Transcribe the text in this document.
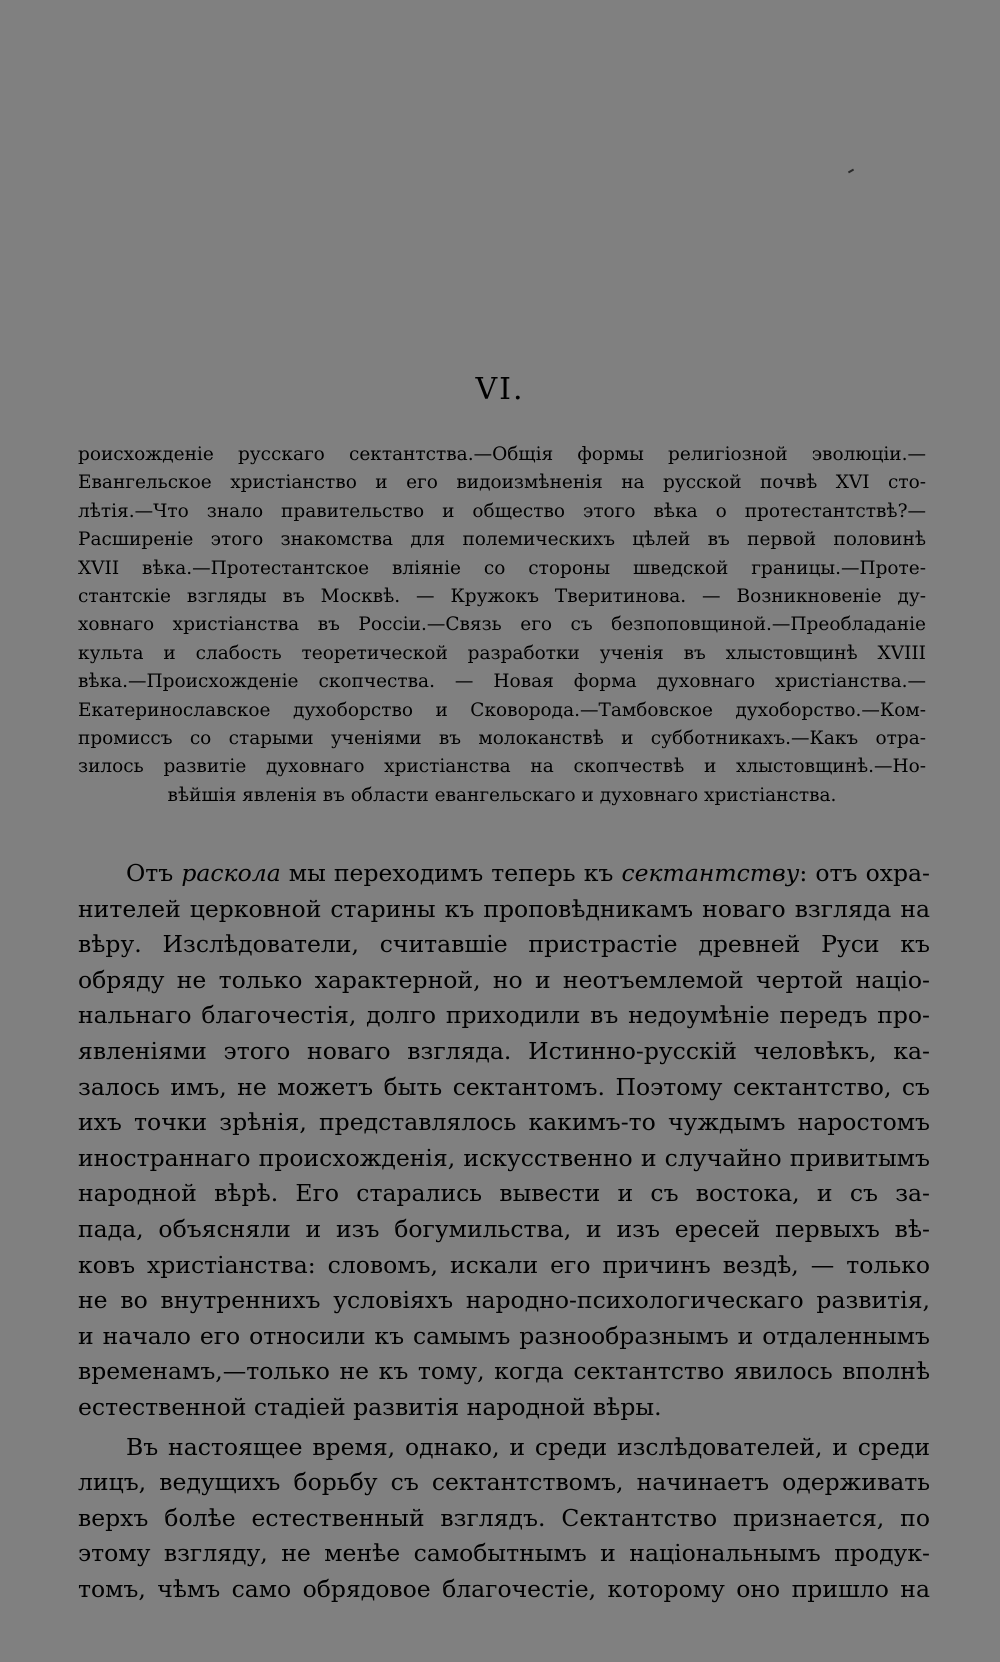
VI.
роисхожденіе русскаго сектантства.—Общія формы религіозной эволюціи.—
Евангельское христіанство и его видоизмѣненія на русской почвѣ XVI сто-
лѣтія.—Что знало правительство и общество этого вѣка о протестантствѣ?—
Расширеніе этого знакомства для полемическихъ цѣлей въ первой половинѣ
XVII вѣка.—Протестантское вліяніе со стороны шведской границы.—Проте-
стантскіе взгляды въ Москвѣ. — Кружокъ Тверитинова. — Возникновеніе ду-
ховнаго христіанства въ Россіи.—Связь его съ безпоповщиной.—Преобладаніе
культа и слабость теоретической разработки ученія въ хлыстовщинѣ XVIII
вѣка.—Происхожденіе скопчества. — Новая форма духовнаго христіанства.—
Екатеринославское духоборство и Сковорода.—Тамбовское духоборство.—Ком-
промиссъ со старыми ученіями въ молоканствѣ и субботникахъ.—Какъ отра-
зилось развитіе духовнаго христіанства на скопчествѣ и хлыстовщинѣ.—Но-
вѣйшія явленія въ области евангельскаго и духовнаго христіанства.
Отъ раскола мы переходимъ теперь къ сектантству: отъ охра-
нителей церковной старины къ проповѣдникамъ новаго взгляда на
вѣру. Изслѣдователи, считавшіе пристрастіе древней Руси къ
обряду не только характерной, но и неотъемлемой чертой націо-
нальнаго благочестія, долго приходили въ недоумѣніе передъ про-
явленіями этого новаго взгляда. Истинно-русскій человѣкъ, ка-
залось имъ, не можетъ быть сектантомъ. Поэтому сектантство, съ
ихъ точки зрѣнія, представлялось какимъ-то чуждымъ наростомъ
иностраннаго происхожденія, искусственно и случайно привитымъ
народной вѣрѣ. Его старались вывести и съ востока, и съ за-
пада, объясняли и изъ богумильства, и изъ ересей первыхъ вѣ-
ковъ христіанства: словомъ, искали его причинъ вездѣ, — только
не во внутреннихъ условіяхъ народно-психологическаго развитія,
и начало его относили къ самымъ разнообразнымъ и отдаленнымъ
временамъ,—только не къ тому, когда сектантство явилось вполнѣ
естественной стадіей развитія народной вѣры.
Въ настоящее время, однако, и среди изслѣдователей, и среди
лицъ, ведущихъ борьбу съ сектантствомъ, начинаетъ одерживать
верхъ болѣе естественный взглядъ. Сектантство признается, по
этому взгляду, не менѣе самобытнымъ и національнымъ продук-
томъ, чѣмъ само обрядовое благочестіе, которому оно пришло на
